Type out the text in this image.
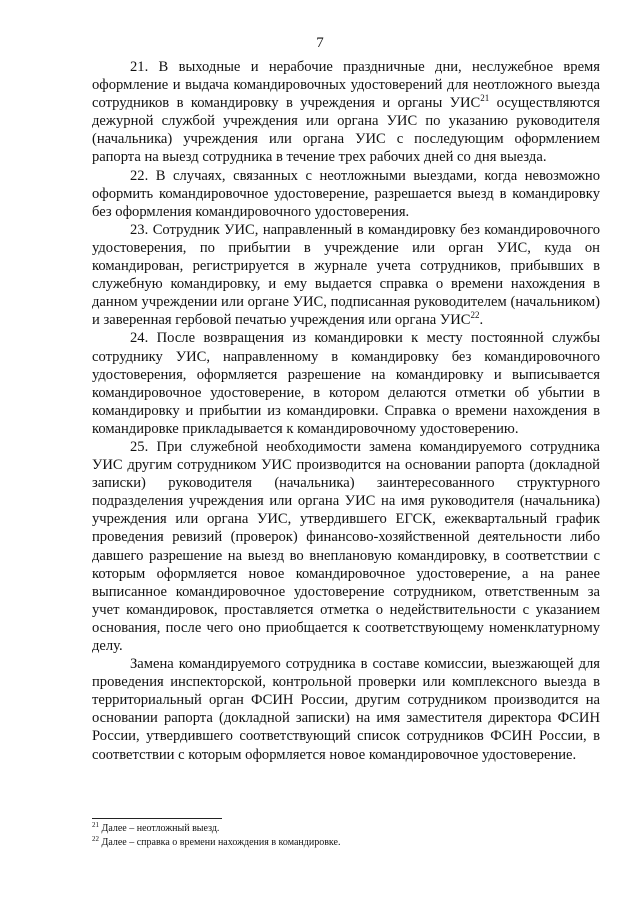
7

21. В выходные и нерабочие праздничные дни, неслужебное время оформление и выдача командировочных удостоверений для неотложного выезда сотрудников в командировку в учреждения и органы УИС$^{21}$ осуществляются дежурной службой учреждения или органа УИС по указанию руководителя (начальника) учреждения или органа УИС с последующим оформлением рапорта на выезд сотрудника в течение трех рабочих дней со дня выезда.

22. В случаях, связанных с неотложными выездами, когда невозможно оформить командировочное удостоверение, разрешается выезд в командировку без оформления командировочного удостоверения.

23. Сотрудник УИС, направленный в командировку без командировочного удостоверения, по прибытии в учреждение или орган УИС, куда он командирован, регистрируется в журнале учета сотрудников, прибывших в служебную командировку, и ему выдается справка о времени нахождения в данном учреждении или органе УИС, подписанная руководителем (начальником) и заверенная гербовой печатью учреждения или органа УИС$^{22}$.

24. После возвращения из командировки к месту постоянной службы сотруднику УИС, направленному в командировку без командировочного удостоверения, оформляется разрешение на командировку и выписывается командировочное удостоверение, в котором делаются отметки об убытии в командировку и прибытии из командировки. Справка о времени нахождения в командировке прикладывается к командировочному удостоверению.

25. При служебной необходимости замена командируемого сотрудника УИС другим сотрудником УИС производится на основании рапорта (докладной записки) руководителя (начальника) заинтересованного структурного подразделения учреждения или органа УИС на имя руководителя (начальника) учреждения или органа УИС, утвердившего ЕГСК, ежеквартальный график проведения ревизий (проверок) финансово-хозяйственной деятельности либо давшего разрешение на выезд во внеплановую командировку, в соответствии с которым оформляется новое командировочное удостоверение, а на ранее выписанное командировочное удостоверение сотрудником, ответственным за учет командировок, проставляется отметка о недействительности с указанием основания, после чего оно приобщается к соответствующему номенклатурному делу.

Замена командируемого сотрудника в составе комиссии, выезжающей для проведения инспекторской, контрольной проверки или комплексного выезда в территориальный орган ФСИН России, другим сотрудником производится на основании рапорта (докладной записки) на имя заместителя директора ФСИН России, утвердившего соответствующий список сотрудников ФСИН России, в соответствии с которым оформляется новое командировочное удостоверение.

$^{21}$ Далее – неотложный выезд.

$^{22}$ Далее – справка о времени нахождения в командировке.
